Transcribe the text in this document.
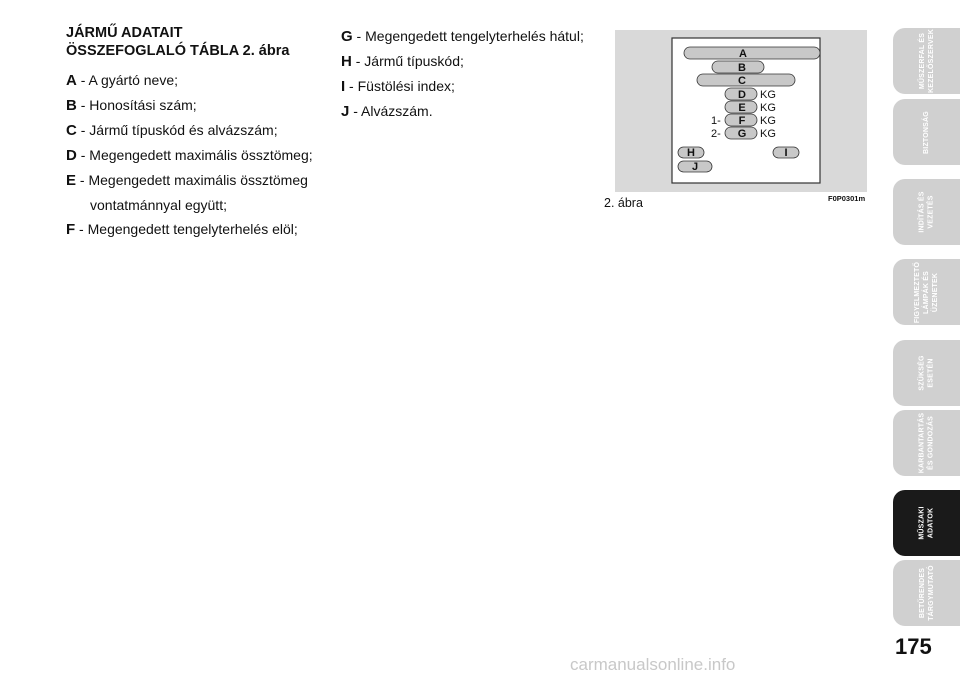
JÁRMŰ ADATAIT
ÖSSZEFOGLALÓ TÁBLA 2. ábra
A - A gyártó neve;
B - Honosítási szám;
C - Jármű típuskód és alvázszám;
D - Megengedett maximális össztömeg;
E - Megengedett maximális össztömeg
vontatmánnyal együtt;
F - Megengedett tengelyterhelés elöl;
G - Megengedett tengelyterhelés hátul;
H - Jármű típuskód;
I - Füstölési index;
J - Alvázszám.
A
B
C
D
E
F
G
H	I
J
KG
KG
KG
KG
1-
2-
2. ábra	F0P0301m
MŰSZERFAL ÉS
KEZELŐSZERVEK
BIZTONSÁG
INDÍTÁS ÉS
VEZETÉS
FIGYELMEZTETŐ
LÁMPÁK ÉS
ÜZENETEK
SZÜKSÉG
ESETÉN
KARBANTARTÁS
ÉS GONDOZÁS
MŰSZAKI
ADATOK
BETŰRENDES
TÁRGYMUTATÓ
175
carmanualsonline.info
